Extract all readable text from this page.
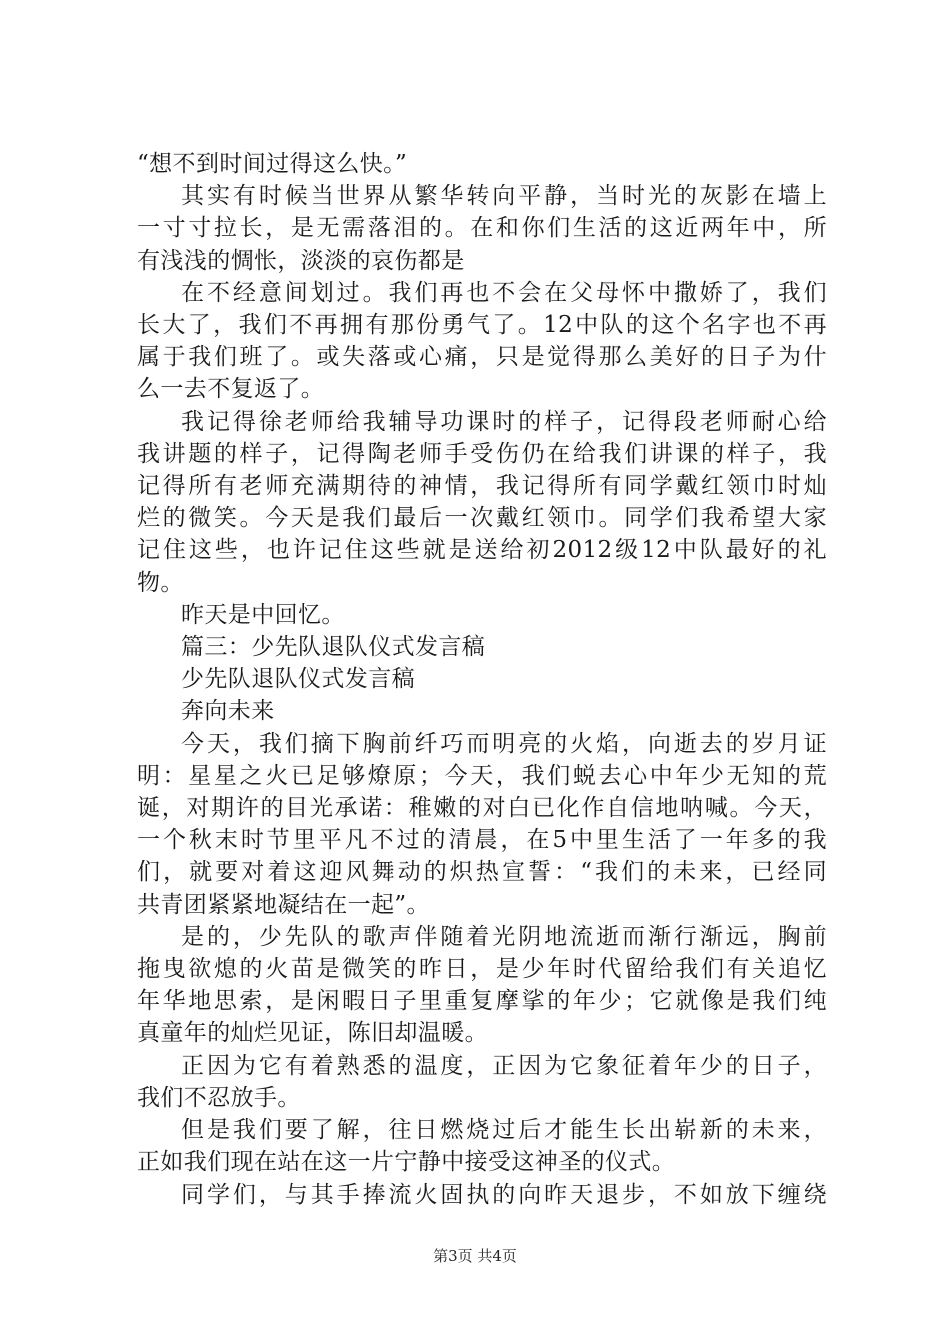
“想不到时间过得这么快。”
其实有时候当世界从繁华转向平静，当时光的灰影在墙上
一寸寸拉长，是无需落泪的。在和你们生活的这近两年中，所
有浅浅的惆怅，淡淡的哀伤都是
在不经意间划过。我们再也不会在父母怀中撒娇了，我们
长大了，我们不再拥有那份勇气了。12中队的这个名字也不再
属于我们班了。或失落或心痛，只是觉得那么美好的日子为什
么一去不复返了。
我记得徐老师给我辅导功课时的样子，记得段老师耐心给
我讲题的样子，记得陶老师手受伤仍在给我们讲课的样子，我
记得所有老师充满期待的神情，我记得所有同学戴红领巾时灿
烂的微笑。今天是我们最后一次戴红领巾。同学们我希望大家
记住这些，也许记住这些就是送给初2012级12中队最好的礼
物。
昨天是中回忆。
篇三：少先队退队仪式发言稿
少先队退队仪式发言稿
奔向未来
今天，我们摘下胸前纤巧而明亮的火焰，向逝去的岁月证
明：星星之火已足够燎原；今天，我们蜕去心中年少无知的荒
诞，对期许的目光承诺：稚嫩的对白已化作自信地呐喊。今天，
一个秋末时节里平凡不过的清晨，在5中里生活了一年多的我
们，就要对着这迎风舞动的炽热宣誓：“我们的未来，已经同
共青团紧紧地凝结在一起”。
是的，少先队的歌声伴随着光阴地流逝而渐行渐远，胸前
拖曳欲熄的火苗是微笑的昨日，是少年时代留给我们有关追忆
年华地思索，是闲暇日子里重复摩挲的年少；它就像是我们纯
真童年的灿烂见证，陈旧却温暖。
正因为它有着熟悉的温度，正因为它象征着年少的日子，
我们不忍放手。
但是我们要了解，往日燃烧过后才能生长出崭新的未来，
正如我们现在站在这一片宁静中接受这神圣的仪式。
同学们，与其手捧流火固执的向昨天退步，不如放下缠绕
第3页 共4页
